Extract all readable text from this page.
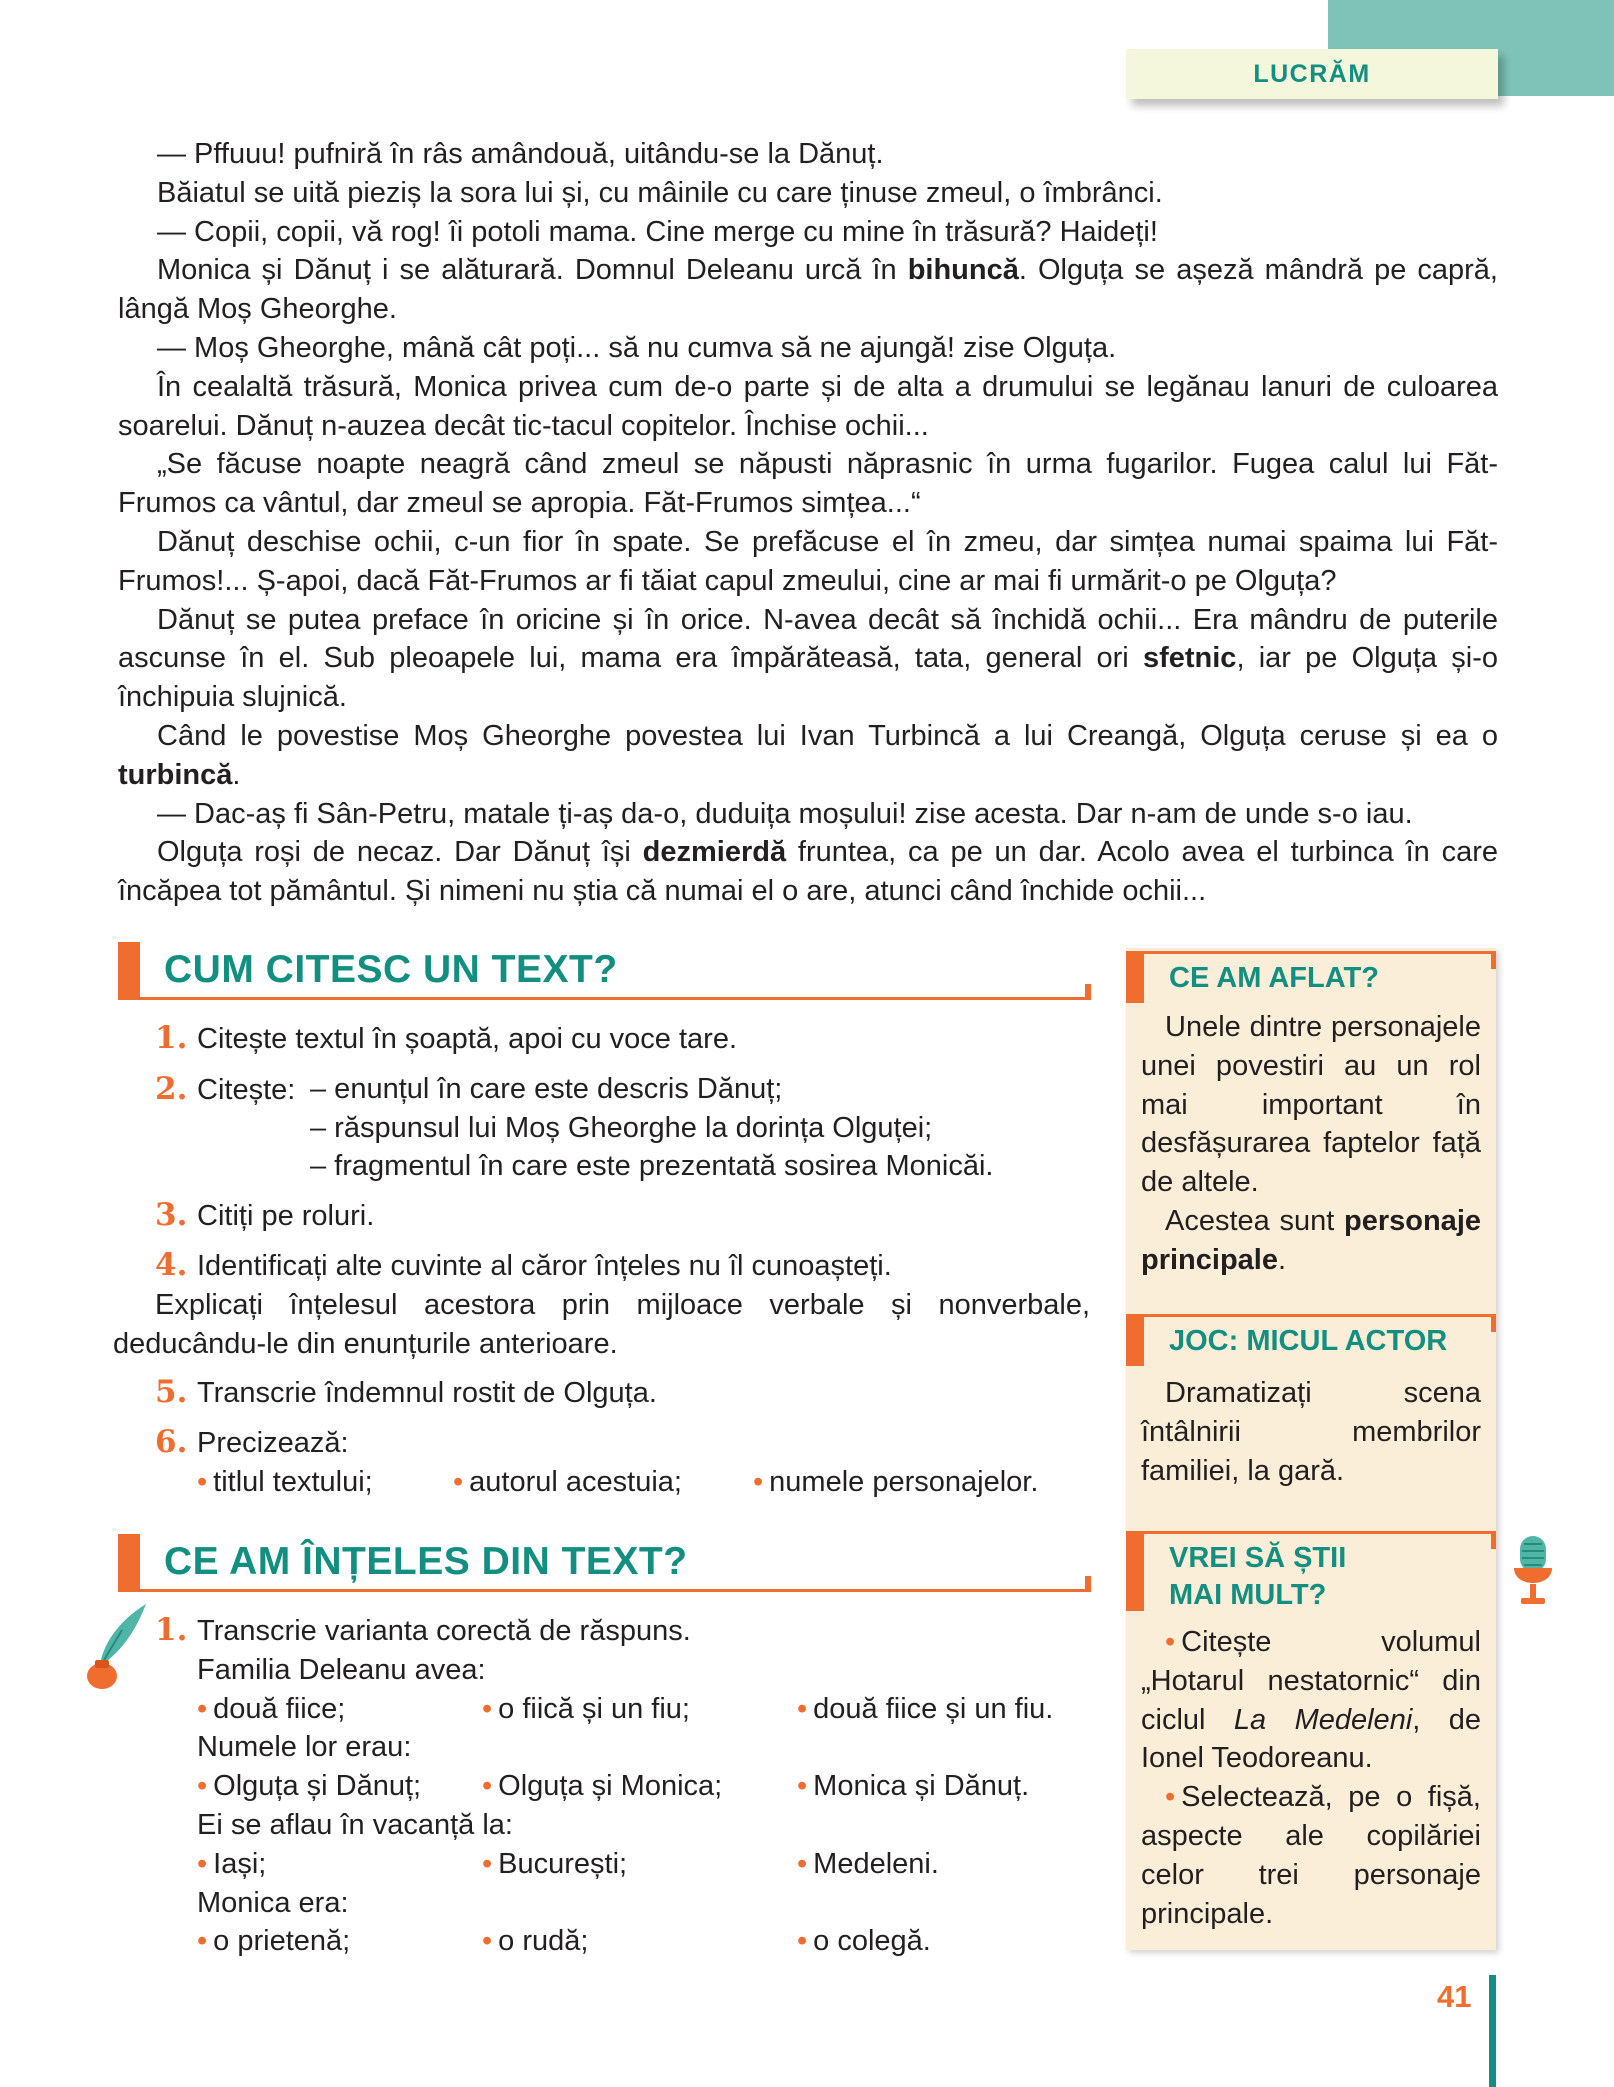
LUCRĂM

— Pffuuu! pufniră în râs amândouă, uitându-se la Dănuț.

Băiatul se uită pieziș la sora lui și, cu mâinile cu care ținuse zmeul, o îmbrânci.

— Copii, copii, vă rog! îi potoli mama. Cine merge cu mine în trăsură? Haideți!

Monica și Dănuț i se alăturară. Domnul Deleanu urcă în bihuncă. Olguța se așeză mândră pe capră, lângă Moș Gheorghe.

— Moș Gheorghe, mână cât poți... să nu cumva să ne ajungă! zise Olguța.

În cealaltă trăsură, Monica privea cum de-o parte și de alta a drumului se legănau lanuri de culoarea soarelui. Dănuț n-auzea decât tic-tacul copitelor. Închise ochii...

„Se făcuse noapte neagră când zmeul se năpusti năprasnic în urma fugarilor. Fugea calul lui Făt-Frumos ca vântul, dar zmeul se apropia. Făt-Frumos simțea...“

Dănuț deschise ochii, c-un fior în spate. Se prefăcuse el în zmeu, dar simțea numai spaima lui Făt-Frumos!... Ș-apoi, dacă Făt-Frumos ar fi tăiat capul zmeului, cine ar mai fi urmărit-o pe Olguța?

Dănuț se putea preface în oricine și în orice. N-avea decât să închidă ochii... Era mândru de puterile ascunse în el. Sub pleoapele lui, mama era împărăteasă, tata, general ori sfetnic, iar pe Olguța și-o închipuia slujnică.

Când le povestise Moș Gheorghe povestea lui Ivan Turbincă a lui Creangă, Olguța ceruse și ea o turbincă.

— Dac-aș fi Sân-Petru, matale ți-aș da-o, duduița moșului! zise acesta. Dar n-am de unde s-o iau.

Olguța roși de necaz. Dar Dănuț își dezmierdă fruntea, ca pe un dar. Acolo avea el turbinca în care încăpea tot pământul. Și nimeni nu știa că numai el o are, atunci când închide ochii...

CUM CITESC UN TEXT?
1. Citește textul în șoaptă, apoi cu voce tare.
2. Citește: – enunțul în care este descris Dănuț;
– răspunsul lui Moș Gheorghe la dorința Olguței;
– fragmentul în care este prezentată sosirea Monicăi.
3. Citiți pe roluri.
4. Identificați alte cuvinte al căror înțeles nu îl cunoașteți.
Explicați înțelesul acestora prin mijloace verbale și nonverbale, deducându-le din enunțurile anterioare.
5. Transcrie îndemnul rostit de Olguța.
6. Precizează:
• titlul textului;	• autorul acestuia;	• numele personajelor.
CE AM ÎNȚELES DIN TEXT?
1. Transcrie varianta corectă de răspuns.
Familia Deleanu avea:
• două fiice;	• o fiică și un fiu;	• două fiice și un fiu.
Numele lor erau:
• Olguța și Dănuț;	• Olguța și Monica;	• Monica și Dănuț.
Ei se aflau în vacanță la:
• Iași;	• București;	• Medeleni.
Monica era:
• o prietenă;	• o rudă;	• o colegă.
CE AM AFLAT?

Unele dintre personajele unei povestiri au un rol mai important în desfășurarea faptelor față de altele.

Acestea sunt personaje principale.

JOC: MICUL ACTOR

Dramatizați scena întâlnirii membrilor familiei, la gară.

VREI SĂ ȘTII
MAI MULT?

• Citește volumul „Hotarul nestatornic“ din ciclul La Medeleni, de Ionel Teodoreanu.

• Selectează, pe o fișă, aspecte ale copilăriei celor trei personaje principale.

41
